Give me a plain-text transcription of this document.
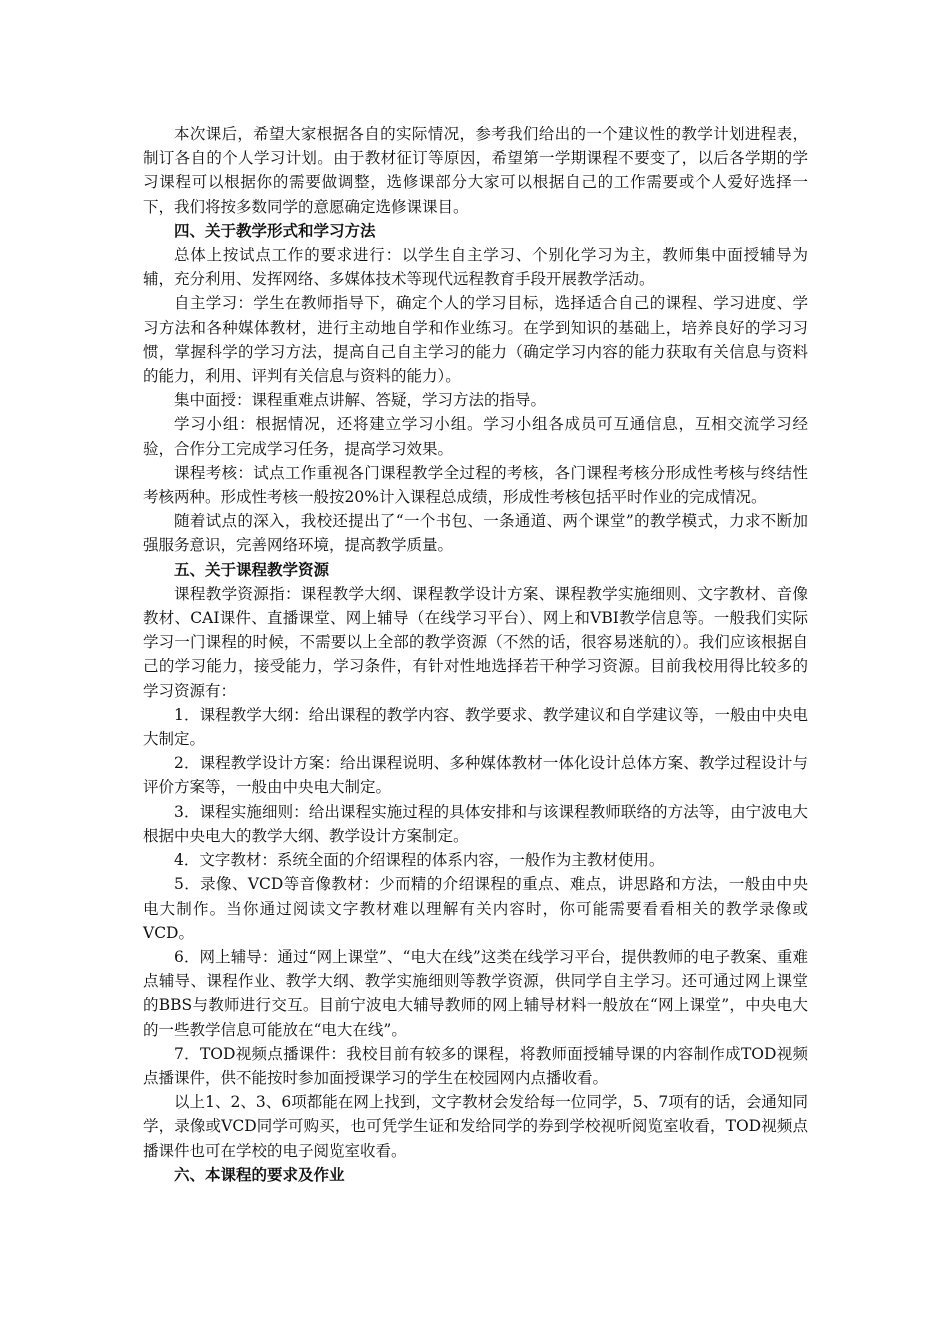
本次课后，希望大家根据各自的实际情况，参考我们给出的一个建议性的教学计划进程表，制订各自的个人学习计划。由于教材征订等原因，希望第一学期课程不要变了，以后各学期的学习课程可以根据你的需要做调整，选修课部分大家可以根据自己的工作需要或个人爱好选择一下，我们将按多数同学的意愿确定选修课课目。

四、关于教学形式和学习方法

总体上按试点工作的要求进行：以学生自主学习、个别化学习为主，教师集中面授辅导为辅，充分利用、发挥网络、多媒体技术等现代远程教育手段开展教学活动。

自主学习：学生在教师指导下，确定个人的学习目标，选择适合自己的课程、学习进度、学习方法和各种媒体教材，进行主动地自学和作业练习。在学到知识的基础上，培养良好的学习习惯，掌握科学的学习方法，提高自己自主学习的能力（确定学习内容的能力获取有关信息与资料的能力，利用、评判有关信息与资料的能力）。

集中面授：课程重难点讲解、答疑，学习方法的指导。

学习小组：根据情况，还将建立学习小组。学习小组各成员可互通信息，互相交流学习经验，合作分工完成学习任务，提高学习效果。

课程考核：试点工作重视各门课程教学全过程的考核，各门课程考核分形成性考核与终结性考核两种。形成性考核一般按20%计入课程总成绩，形成性考核包括平时作业的完成情况。

随着试点的深入，我校还提出了“一个书包、一条通道、两个课堂”的教学模式，力求不断加强服务意识，完善网络环境，提高教学质量。

五、关于课程教学资源

课程教学资源指：课程教学大纲、课程教学设计方案、课程教学实施细则、文字教材、音像教材、CAI课件、直播课堂、网上辅导（在线学习平台）、网上和VBI教学信息等。一般我们实际学习一门课程的时候，不需要以上全部的教学资源（不然的话，很容易迷航的）。我们应该根据自己的学习能力，接受能力，学习条件，有针对性地选择若干种学习资源。目前我校用得比较多的学习资源有：

1．课程教学大纲：给出课程的教学内容、教学要求、教学建议和自学建议等，一般由中央电大制定。

2．课程教学设计方案：给出课程说明、多种媒体教材一体化设计总体方案、教学过程设计与评价方案等，一般由中央电大制定。

3．课程实施细则：给出课程实施过程的具体安排和与该课程教师联络的方法等，由宁波电大根据中央电大的教学大纲、教学设计方案制定。

4．文字教材：系统全面的介绍课程的体系内容，一般作为主教材使用。

5．录像、VCD等音像教材：少而精的介绍课程的重点、难点，讲思路和方法，一般由中央电大制作。当你通过阅读文字教材难以理解有关内容时，你可能需要看看相关的教学录像或VCD。

6．网上辅导：通过“网上课堂”、“电大在线”这类在线学习平台，提供教师的电子教案、重难点辅导、课程作业、教学大纲、教学实施细则等教学资源，供同学自主学习。还可通过网上课堂的BBS与教师进行交互。目前宁波电大辅导教师的网上辅导材料一般放在“网上课堂”，中央电大的一些教学信息可能放在“电大在线”。

7．TOD视频点播课件：我校目前有较多的课程，将教师面授辅导课的内容制作成TOD视频点播课件，供不能按时参加面授课学习的学生在校园网内点播收看。

以上1、2、3、6项都能在网上找到，文字教材会发给每一位同学，5、7项有的话，会通知同学，录像或VCD同学可购买，也可凭学生证和发给同学的券到学校视听阅览室收看，TOD视频点播课件也可在学校的电子阅览室收看。

六、本课程的要求及作业
